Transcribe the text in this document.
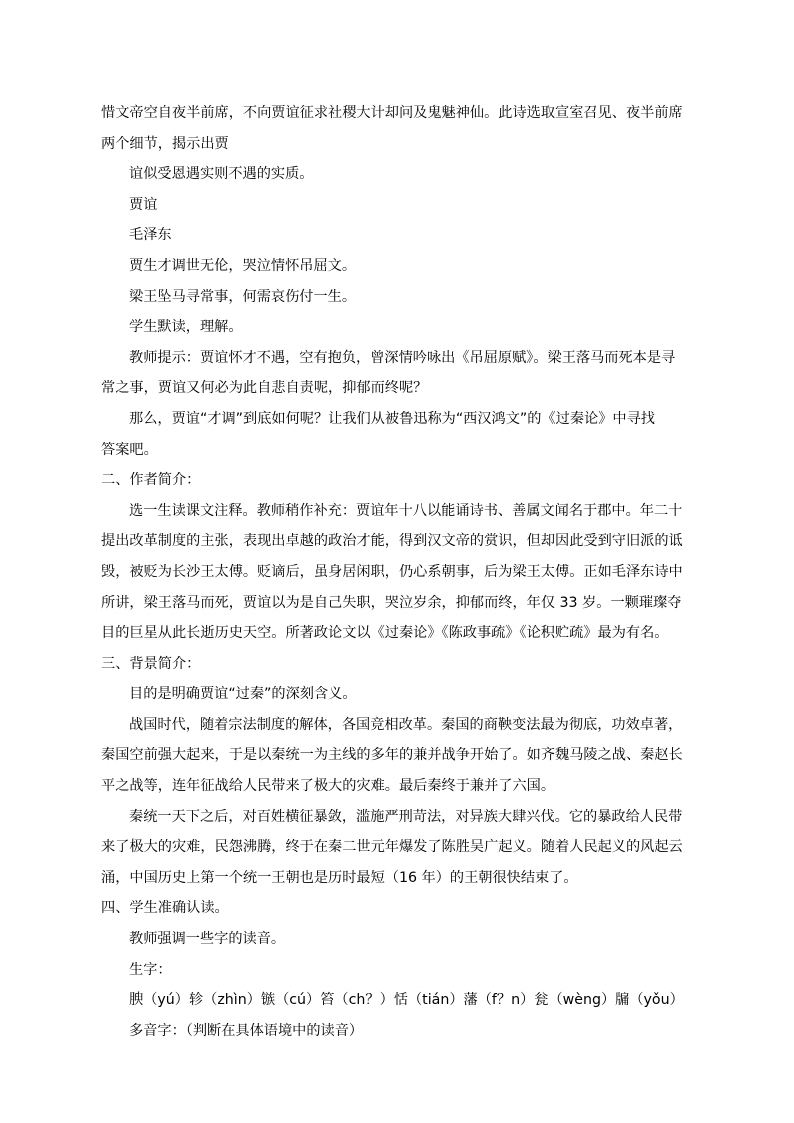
惜文帝空自夜半前席，不向贾谊征求社稷大计却问及鬼魅神仙。此诗选取宣室召见、夜半前席
两个细节，揭示出贾
谊似受恩遇实则不遇的实质。
贾谊
毛泽东
贾生才调世无伦，哭泣情怀吊屈文。
梁王坠马寻常事，何需哀伤付一生。
学生默读，理解。
教师提示：贾谊怀才不遇，空有抱负，曾深情吟咏出《吊屈原赋》。梁王落马而死本是寻
常之事，贾谊又何必为此自悲自责呢，抑郁而终呢？
那么，贾谊“才调”到底如何呢？让我们从被鲁迅称为“西汉鸿文”的《过秦论》中寻找
答案吧。
二、作者简介：
选一生读课文注释。教师稍作补充：贾谊年十八以能诵诗书、善属文闻名于郡中。年二十
提出改革制度的主张，表现出卓越的政治才能，得到汉文帝的赏识，但却因此受到守旧派的诋
毁，被贬为长沙王太傅。贬谪后，虽身居闲职，仍心系朝事，后为梁王太傅。正如毛泽东诗中
所讲，梁王落马而死，贾谊以为是自己失职，哭泣岁余，抑郁而终，年仅 33 岁。一颗璀璨夺
目的巨星从此长逝历史天空。所著政论文以《过秦论》《陈政事疏》《论积贮疏》最为有名。
三、背景简介：
目的是明确贾谊“过秦”的深刻含义。
战国时代，随着宗法制度的解体，各国竞相改革。秦国的商鞅变法最为彻底，功效卓著，
秦国空前强大起来，于是以秦统一为主线的多年的兼并战争开始了。如齐魏马陵之战、秦赵长
平之战等，连年征战给人民带来了极大的灾难。最后秦终于兼并了六国。
秦统一天下之后，对百姓横征暴敛，滥施严刑苛法，对异族大肆兴伐。它的暴政给人民带
来了极大的灾难，民怨沸腾，终于在秦二世元年爆发了陈胜吴广起义。随着人民起义的风起云
涌，中国历史上第一个统一王朝也是历时最短（16 年）的王朝很快结束了。
四、学生准确认读。
教师强调一些字的读音。
生字：
腴（yú）轸（zhìn）镞（cú）笞（ch？）恬（tián）藩（f？n）瓮（wèng）牖（yǒu）
多音字：（判断在具体语境中的读音）
